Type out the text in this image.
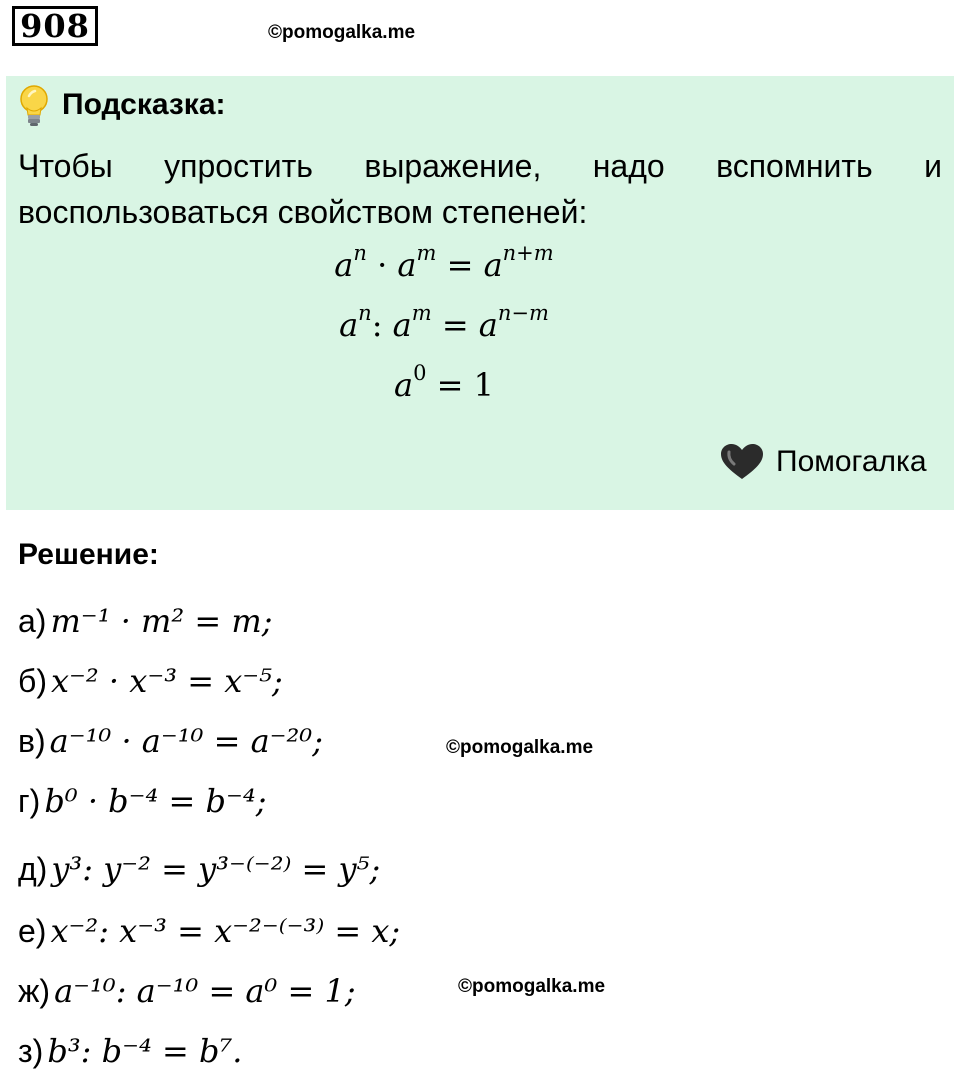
908	©pomogalka.me
Подсказка:
Чтобы упростить выражение, надо вспомнить и воспользоваться свойством степеней:
$a^n \cdot a^m = a^{n+m}$
$a^n$: $a^m = a^{n-m}$
$a^0 = 1$
Помогалка
Решение:
а) m⁻¹ · m² = m;
б) x⁻² · x⁻³ = x⁻⁵;
в) a⁻¹⁰ · a⁻¹⁰ = a⁻²⁰;	©pomogalka.me
г) b⁰ · b⁻⁴ = b⁻⁴;
д) y³: y⁻² = y³⁻⁽⁻²⁾ = y⁵;
е) x⁻²: x⁻³ = x⁻²⁻⁽⁻³⁾ = x;
ж) a⁻¹⁰: a⁻¹⁰ = a⁰ = 1;	©pomogalka.me
з) b³: b⁻⁴ = b⁷.
